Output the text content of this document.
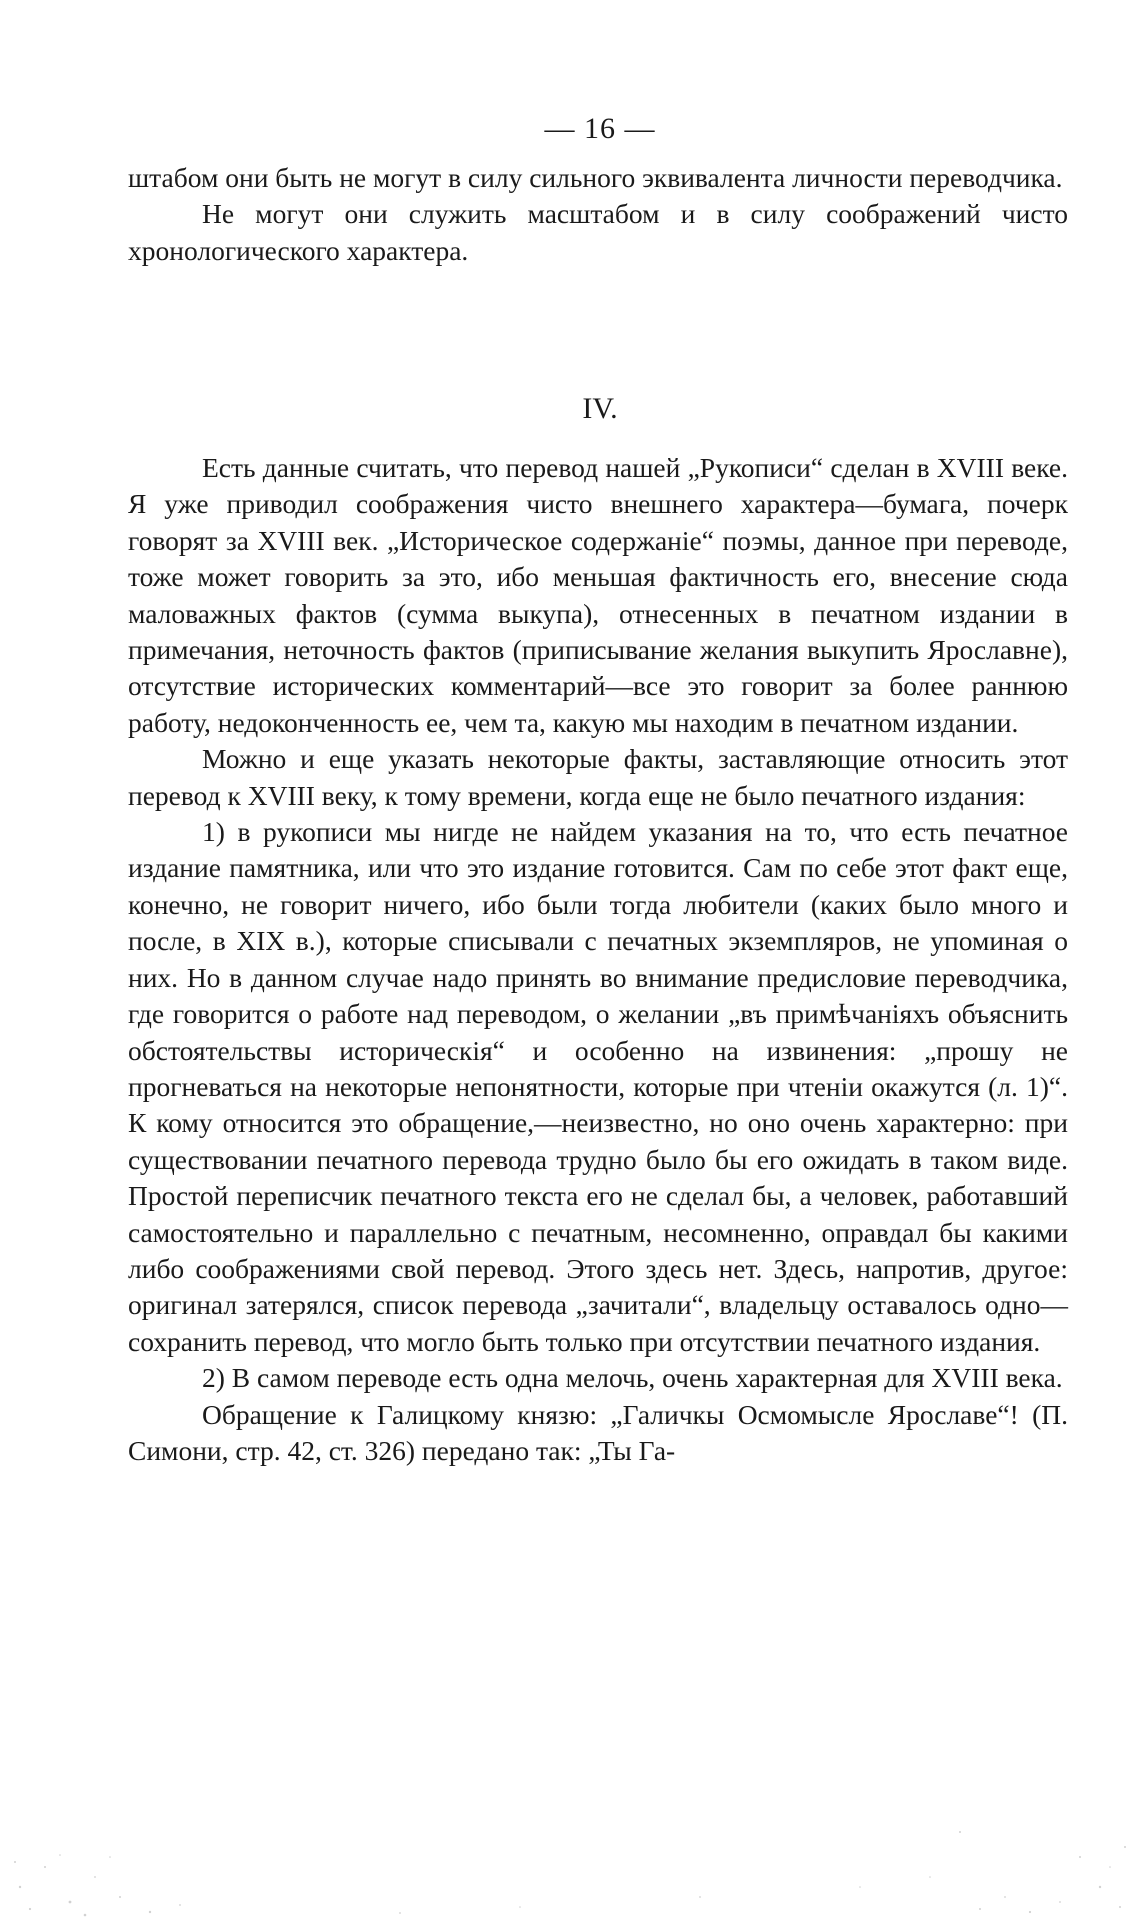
— 16 —

штабом они быть не могут в силу сильного эквивалента личности переводчика.

Не могут они служить масштабом и в силу соображений чисто хронологического характера.

IV.

Есть данные считать, что перевод нашей „Рукописи“ сделан в XVIII веке. Я уже приводил соображения чисто внешнего характера—бумага, почерк говорят за XVIII век. „Историческое содержаніе“ поэмы, данное при переводе, тоже может говорить за это, ибо меньшая фактичность его, внесение сюда маловажных фактов (сумма выкупа), отнесенных в печатном издании в примечания, неточность фактов (приписывание желания выкупить Ярославне), отсутствие исторических комментарий—все это говорит за более раннюю работу, недоконченность ее, чем та, какую мы находим в печатном издании.

Можно и еще указать некоторые факты, заставляющие относить этот перевод к XVIII веку, к тому времени, когда еще не было печатного издания:

1) в рукописи мы нигде не найдем указания на то, что есть печатное издание памятника, или что это издание готовится. Сам по себе этот факт еще, конечно, не говорит ничего, ибо были тогда любители (каких было много и после, в XIX в.), которые списывали с печатных экземпляров, не упоминая о них. Но в данном случае надо принять во внимание предисловие переводчика, где говорится о работе над переводом, о желании „въ примѣчаніяхъ объяснить обстоятельствы историческія“ и особенно на извинения: „прошу не прогневаться на некоторые непонятности, которые при чтеніи окажутся (л. 1)“. К кому относится это обращение,—неизвестно, но оно очень характерно: при существовании печатного перевода трудно было бы его ожидать в таком виде. Простой переписчик печатного текста его не сделал бы, а человек, работавший самостоятельно и параллельно с печатным, несомненно, оправдал бы какими либо соображениями свой перевод. Этого здесь нет. Здесь, напротив, другое: оригинал затерялся, список перевода „зачитали“, владельцу оставалось одно—сохранить перевод, что могло быть только при отсутствии печатного издания.

2) В самом переводе есть одна мелочь, очень характерная для XVIII века.

Обращение к Галицкому князю: „Галичкы Осмомысле Ярославе“! (П. Симони, стр. 42, ст. 326) передано так: „Ты Га-
